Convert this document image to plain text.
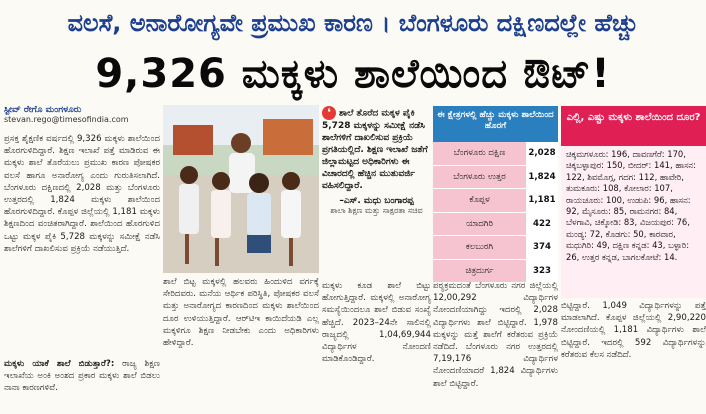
ವಲಸೆ, ಅನಾರೋಗ್ಯವೇ ಪ್ರಮುಖ ಕಾರಣ । ಬೆಂಗಳೂರು ದಕ್ಷಿಣದಲ್ಲೇ ಹೆಚ್ಚು
9,326 ಮಕ್ಕಳು ಶಾಲೆಯಿಂದ ಔಟ್!
ಸ್ಟೀವ್ ರೇಗೊ ಮಂಗಳೂರು
stevan.rego@timesofindia.com
ಪ್ರಸಕ್ತ ಶೈಕ್ಷಣಿಕ ವರ್ಷದಲ್ಲಿ 9,326 ಮಕ್ಕಳು ಶಾಲೆಯಿಂದ ಹೊರಗುಳಿದಿದ್ದಾರೆ. ಶಿಕ್ಷಣ ಇಲಾಖೆ ಪತ್ತೆ ಮಾಡಿರುವ ಈ ಮಕ್ಕಳು ಶಾಲೆ ತೊರೆಯಲು ಪ್ರಮುಖ ಕಾರಣ ಪೋಷಕರ ವಲಸೆ ಹಾಗೂ ಅನಾರೋಗ್ಯ ಎಂದು ಗುರುತಿಸಲಾಗಿದೆ. ಬೆಂಗಳೂರು ದಕ್ಷಿಣದಲ್ಲಿ 2,028 ಮತ್ತು ಬೆಂಗಳೂರು ಉತ್ತರದಲ್ಲಿ 1,824 ಮಕ್ಕಳು ಶಾಲೆಯಿಂದ ಹೊರಗುಳಿದಿದ್ದಾರೆ. ಕೊಪ್ಪಳ ಜಿಲ್ಲೆಯಲ್ಲಿ 1,181 ಮಕ್ಕಳು ಶಿಕ್ಷಣದಿಂದ ವಂಚಿತರಾಗಿದ್ದಾರೆ. ಶಾಲೆಯಿಂದ ಹೊರಗುಳಿದ ಒಟ್ಟು ಮಕ್ಕಳ ಪೈಕಿ 5,728 ಮಕ್ಕಳನ್ನು ಸಮೀಕ್ಷೆ ನಡೆಸಿ ಶಾಲೆಗಳಿಗೆ ದಾಖಲಿಸುವ ಪ್ರಕ್ರಿಯೆ ನಡೆಯುತ್ತಿದೆ.
ಮಕ್ಕಳು ಯಾಕೆ ಶಾಲೆ ಬಿಡುತ್ತಾರೆ?: ರಾಜ್ಯ ಶಿಕ್ಷಣ ಇಲಾಖೆಯ ಅಂಕಿ ಅಂಶದ ಪ್ರಕಾರ ಮಕ್ಕಳು ಶಾಲೆ ಬಿಡಲು ನಾನಾ ಕಾರಣಗಳಿವೆ.
❛ ಶಾಲೆ ತೊರೆದ ಮಕ್ಕಳ ಪೈಕಿ 5,728 ಮಕ್ಕಳನ್ನು ಸಮೀಕ್ಷೆ ನಡೆಸಿ ಶಾಲೆಗಳಿಗೆ ದಾಖಲಿಸುವ ಪ್ರಕ್ರಿಯೆ ಪ್ರಗತಿಯಲ್ಲಿದೆ. ಶಿಕ್ಷಣ ಇಲಾಖೆ ಜತೆಗೆ ಜಿಲ್ಲಾಮಟ್ಟದ ಅಧಿಕಾರಿಗಳು ಈ ವಿಚಾರದಲ್ಲಿ ಹೆಚ್ಚಿನ ಮುತುವರ್ಜಿ ವಹಿಸಲಿದ್ದಾರೆ.
–ಎಸ್. ಮಧು ಬಂಗಾರಪ್ಪ
ಶಾಲಾ ಶಿಕ್ಷಣ ಮತ್ತು ಸಾಕ್ಷರತಾ ಸಚಿವ
ಈ ಕ್ಷೇತ್ರಗಳಲ್ಲಿ ಹೆಚ್ಚು ಮಕ್ಕಳು ಶಾಲೆಯಿಂದ ಹೊರಗೆ
ಬೆಂಗಳೂರು ದಕ್ಷಿಣ	2,028
ಬೆಂಗಳೂರು ಉತ್ತರ	1,824
ಕೊಪ್ಪಳ	1,181
ಯಾದಗಿರಿ	422
ಕಲಬುರಗಿ	374
ಚಿತ್ರದುರ್ಗ	323
ಎಲ್ಲಿ, ಎಷ್ಟು ಮಕ್ಕಳು ಶಾಲೆಯಿಂದ ದೂರ?
ಚಿಕ್ಕಮಗಳೂರು: 196, ದಾವಣಗೆರೆ: 170, ಚಿಕ್ಕಬಳ್ಳಾಪುರ: 150, ಬೀದರ್: 141, ಹಾಸನ: 122, ಶಿವಮೊಗ್ಗ, ಗದಗ: 112, ಹಾವೇರಿ, ತುಮಕೂರು: 108, ಕೋಲಾರ: 107, ರಾಯಚೂರು: 100, ಉಡುಪಿ: 96, ಹಾಸನ: 92, ಮೈಸೂರು: 85, ರಾಮನಗರ: 84, ಬೆಳಗಾವಿ, ಚಿಕ್ಕೋಡಿ: 83, ವಿಜಯಪುರ: 76, ಮಂಡ್ಯ: 72, ಕೊಡಗು: 50, ಕಾರವಾರ, ಮಧುಗಿರಿ: 49, ದಕ್ಷಿಣ ಕನ್ನಡ: 43, ಬಳ್ಳಾರಿ: 26, ಉತ್ತರ ಕನ್ನಡ, ಬಾಗಲಕೋಟೆ: 14.
ಶಾಲೆ ಬಿಟ್ಟ ಮಕ್ಕಳಲ್ಲಿ ಹಲವರು ಹಿಂದುಳಿದ ವರ್ಗಕ್ಕೆ ಸೇರಿದವರು. ಮನೆಯ ಆರ್ಥಿಕ ಪರಿಸ್ಥಿತಿ, ಪೋಷಕರ ವಲಸೆ ಮತ್ತು ಅನಾರೋಗ್ಯದ ಕಾರಣದಿಂದ ಮಕ್ಕಳು ಶಾಲೆಯಿಂದ ದೂರ ಉಳಿಯುತ್ತಿದ್ದಾರೆ. ಆರ್‌ಟಿಇ ಕಾಯಿದೆಯಡಿ ಎಲ್ಲ ಮಕ್ಕಳಿಗೂ ಶಿಕ್ಷಣ ನೀಡಬೇಕು ಎಂದು ಅಧಿಕಾರಿಗಳು ಹೇಳಿದ್ದಾರೆ.
ಮಕ್ಕಳು ಕೂಡ ಶಾಲೆ ಬಿಟ್ಟು ಹೋಗುತ್ತಿದ್ದಾರೆ. ಮಕ್ಕಳಲ್ಲಿ ಅನಾರೋಗ್ಯ ಸಮಸ್ಯೆಯಿಂದಲೂ ಶಾಲೆ ಬಿಡುವ ಸಂಖ್ಯೆ ಹೆಚ್ಚಿದೆ. 2023–24ನೇ ಸಾಲಿನಲ್ಲಿ ರಾಜ್ಯದಲ್ಲಿ 1,04,69,944 ವಿದ್ಯಾರ್ಥಿಗಳ ನೋಂದಣಿ ಮಾಡಿಕೊಂಡಿದ್ದಾರೆ.
ಪಠ್ಯಕ್ರಮದಂತೆ ಬೆಂಗಳೂರು ನಗರ ಜಿಲ್ಲೆಯಲ್ಲಿ 12,00,292 ವಿದ್ಯಾರ್ಥಿಗಳ ನೋಂದಣಿಯಾಗಿದ್ದು ಇದರಲ್ಲಿ 2,028 ವಿದ್ಯಾರ್ಥಿಗಳು ಶಾಲೆ ಬಿಟ್ಟಿದ್ದಾರೆ. 1,978 ಮಕ್ಕಳನ್ನು ಮತ್ತೆ ಶಾಲೆಗೆ ಕರೆತರುವ ಪ್ರಕ್ರಿಯೆ ನಡೆದಿದೆ. ಬೆಂಗಳೂರು ನಗರ ಉತ್ತರದಲ್ಲಿ 7,19,176 ವಿದ್ಯಾರ್ಥಿಗಳ ನೋಂದಣಿಯಾದರೆ 1,824 ವಿದ್ಯಾರ್ಥಿಗಳು ಶಾಲೆ ಬಿಟ್ಟಿದ್ದಾರೆ.
ಬಿಟ್ಟಿದ್ದಾರೆ. 1,049 ವಿದ್ಯಾರ್ಥಿಗಳನ್ನು ಪತ್ತೆ ಮಾಡಲಾಗಿದೆ. ಕೊಪ್ಪಳ ಜಿಲ್ಲೆಯಲ್ಲಿ 2,90,220 ನೋಂದಣಿಯಲ್ಲಿ 1,181 ವಿದ್ಯಾರ್ಥಿಗಳು ಶಾಲೆ ಬಿಟ್ಟಿದ್ದಾರೆ. ಇದರಲ್ಲಿ 592 ವಿದ್ಯಾರ್ಥಿಗಳನ್ನು ಕರೆತರುವ ಕೆಲಸ ನಡೆದಿದೆ.
